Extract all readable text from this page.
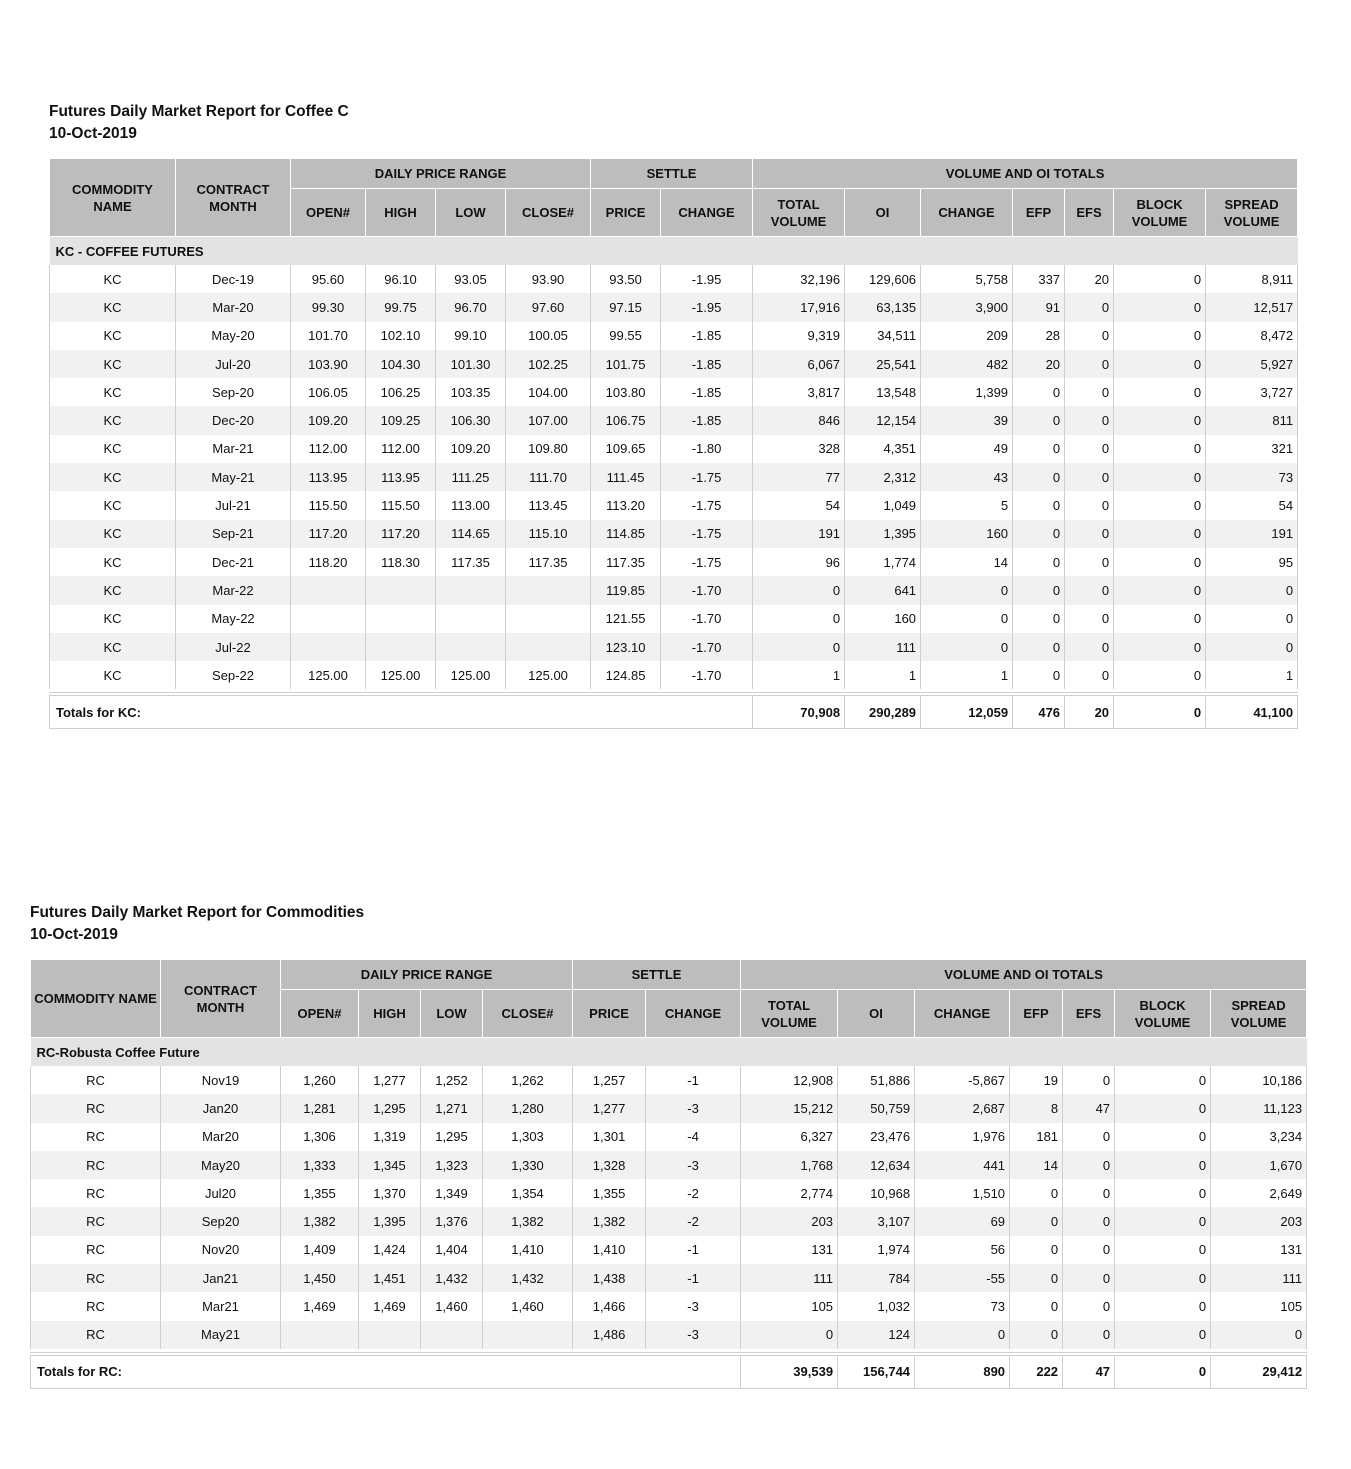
Futures Daily Market Report for Coffee C

10-Oct-2019

COMMODITY NAME	CONTRACT MONTH	DAILY PRICE RANGE				SETTLE		VOLUME AND OI TOTALS						
		OPEN#	HIGH	LOW	CLOSE#	PRICE	CHANGE	TOTAL VOLUME	OI	CHANGE	EFP	EFS	BLOCK VOLUME	SPREAD VOLUME
KC - COFFEE FUTURES														
KC	Dec-19	95.60	96.10	93.05	93.90	93.50	-1.95	32,196	129,606	5,758	337	20	0	8,911
KC	Mar-20	99.30	99.75	96.70	97.60	97.15	-1.95	17,916	63,135	3,900	91	0	0	12,517
KC	May-20	101.70	102.10	99.10	100.05	99.55	-1.85	9,319	34,511	209	28	0	0	8,472
KC	Jul-20	103.90	104.30	101.30	102.25	101.75	-1.85	6,067	25,541	482	20	0	0	5,927
KC	Sep-20	106.05	106.25	103.35	104.00	103.80	-1.85	3,817	13,548	1,399	0	0	0	3,727
KC	Dec-20	109.20	109.25	106.30	107.00	106.75	-1.85	846	12,154	39	0	0	0	811
KC	Mar-21	112.00	112.00	109.20	109.80	109.65	-1.80	328	4,351	49	0	0	0	321
KC	May-21	113.95	113.95	111.25	111.70	111.45	-1.75	77	2,312	43	0	0	0	73
KC	Jul-21	115.50	115.50	113.00	113.45	113.20	-1.75	54	1,049	5	0	0	0	54
KC	Sep-21	117.20	117.20	114.65	115.10	114.85	-1.75	191	1,395	160	0	0	0	191
KC	Dec-21	118.20	118.30	117.35	117.35	117.35	-1.75	96	1,774	14	0	0	0	95
KC	Mar-22					119.85	-1.70	0	641	0	0	0	0	0
KC	May-22					121.55	-1.70	0	160	0	0	0	0	0
KC	Jul-22					123.10	-1.70	0	111	0	0	0	0	0
KC	Sep-22	125.00	125.00	125.00	125.00	124.85	-1.70	1	1	1	0	0	0	1

Totals for KC:								70,908	290,289	12,059	476	20	0	41,100

Futures Daily Market Report for Commodities

10-Oct-2019

COMMODITY NAME	CONTRACT MONTH	DAILY PRICE RANGE				SETTLE		VOLUME AND OI TOTALS						
		OPEN#	HIGH	LOW	CLOSE#	PRICE	CHANGE	TOTAL VOLUME	OI	CHANGE	EFP	EFS	BLOCK VOLUME	SPREAD VOLUME
RC-Robusta Coffee Future														
RC	Nov19	1,260	1,277	1,252	1,262	1,257	-1	12,908	51,886	-5,867	19	0	0	10,186
RC	Jan20	1,281	1,295	1,271	1,280	1,277	-3	15,212	50,759	2,687	8	47	0	11,123
RC	Mar20	1,306	1,319	1,295	1,303	1,301	-4	6,327	23,476	1,976	181	0	0	3,234
RC	May20	1,333	1,345	1,323	1,330	1,328	-3	1,768	12,634	441	14	0	0	1,670
RC	Jul20	1,355	1,370	1,349	1,354	1,355	-2	2,774	10,968	1,510	0	0	0	2,649
RC	Sep20	1,382	1,395	1,376	1,382	1,382	-2	203	3,107	69	0	0	0	203
RC	Nov20	1,409	1,424	1,404	1,410	1,410	-1	131	1,974	56	0	0	0	131
RC	Jan21	1,450	1,451	1,432	1,432	1,438	-1	111	784	-55	0	0	0	111
RC	Mar21	1,469	1,469	1,460	1,460	1,466	-3	105	1,032	73	0	0	0	105
RC	May21					1,486	-3	0	124	0	0	0	0	0

Totals for RC:								39,539	156,744	890	222	47	0	29,412
